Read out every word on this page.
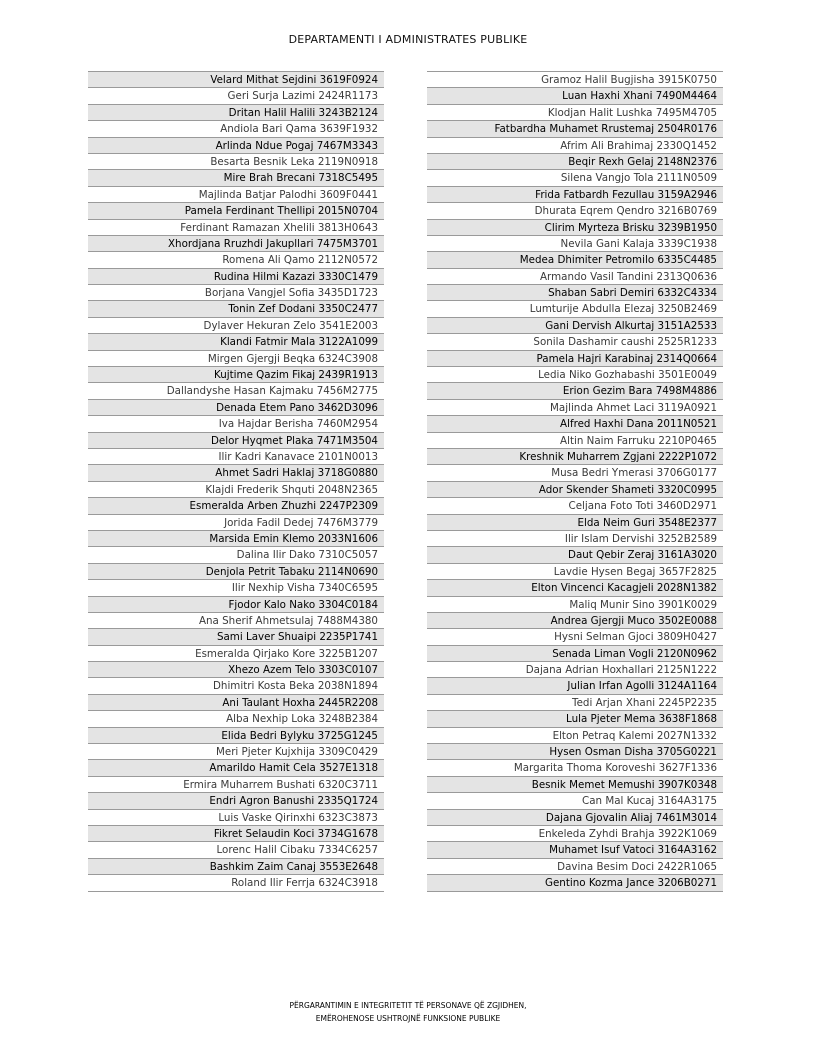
DEPARTAMENTI I ADMINISTRATES PUBLIKE
Velard Mithat Sejdini 3619F0924
Geri Surja Lazimi 2424R1173
Dritan Halil Halili 3243B2124
Andiola Bari Qama 3639F1932
Arlinda Ndue Pogaj 7467M3343
Besarta Besnik Leka 2119N0918
Mire Brah Brecani 7318C5495
Majlinda Batjar Palodhi 3609F0441
Pamela Ferdinant Thellipi 2015N0704
Ferdinant Ramazan Xhelili 3813H0643
Xhordjana Rruzhdi Jakupllari 7475M3701
Romena Ali Qamo 2112N0572
Rudina Hilmi Kazazi 3330C1479
Borjana Vangjel Sofia 3435D1723
Tonin Zef Dodani 3350C2477
Dylaver Hekuran Zelo 3541E2003
Klandi Fatmir Mala 3122A1099
Mirgen Gjergji Beqka 6324C3908
Kujtime Qazim Fikaj 2439R1913
Dallandyshe Hasan Kajmaku 7456M2775
Denada Etem Pano 3462D3096
Iva Hajdar Berisha 7460M2954
Delor Hyqmet Plaka 7471M3504
Ilir Kadri Kanavace 2101N0013
Ahmet Sadri Haklaj 3718G0880
Klajdi Frederik Shquti 2048N2365
Esmeralda Arben Zhuzhi 2247P2309
Jorida Fadil Dedej 7476M3779
Marsida Emin Klemo 2033N1606
Dalina Ilir Dako 7310C5057
Denjola Petrit Tabaku 2114N0690
Ilir Nexhip Visha 7340C6595
Fjodor Kalo Nako 3304C0184
Ana Sherif Ahmetsulaj 7488M4380
Sami Laver Shuaipi 2235P1741
Esmeralda Qirjako Kore 3225B1207
Xhezo Azem Telo 3303C0107
Dhimitri Kosta Beka 2038N1894
Ani Taulant Hoxha 2445R2208
Alba Nexhip Loka 3248B2384
Elida Bedri Bylyku 3725G1245
Meri Pjeter Kujxhija 3309C0429
Amarildo Hamit Cela 3527E1318
Ermira Muharrem Bushati 6320C3711
Endri Agron Banushi 2335Q1724
Luis Vaske Qirinxhi 6323C3873
Fikret Selaudin Koci 3734G1678
Lorenc Halil Cibaku 7334C6257
Bashkim Zaim Canaj 3553E2648
Roland Ilir Ferrja 6324C3918
Gramoz Halil Bugjisha 3915K0750
Luan Haxhi Xhani 7490M4464
Klodjan Halit Lushka 7495M4705
Fatbardha Muhamet Rrustemaj 2504R0176
Afrim Ali Brahimaj 2330Q1452
Beqir Rexh Gelaj 2148N2376
Silena Vangjo Tola 2111N0509
Frida Fatbardh Fezullau 3159A2946
Dhurata Eqrem Qendro 3216B0769
Clirim Myrteza Brisku 3239B1950
Nevila Gani Kalaja 3339C1938
Medea Dhimiter Petromilo 6335C4485
Armando Vasil Tandini 2313Q0636
Shaban Sabri Demiri 6332C4334
Lumturije Abdulla Elezaj 3250B2469
Gani Dervish Alkurtaj 3151A2533
Sonila Dashamir caushi 2525R1233
Pamela Hajri Karabinaj 2314Q0664
Ledia Niko Gozhabashi 3501E0049
Erion Gezim Bara 7498M4886
Majlinda Ahmet Laci 3119A0921
Alfred Haxhi Dana 2011N0521
Altin Naim Farruku 2210P0465
Kreshnik Muharrem Zgjani 2222P1072
Musa Bedri Ymerasi 3706G0177
Ador Skender Shameti 3320C0995
Celjana Foto Toti 3460D2971
Elda Neim Guri 3548E2377
Ilir Islam Dervishi 3252B2589
Daut Qebir Zeraj 3161A3020
Lavdie Hysen Begaj 3657F2825
Elton Vincenci Kacagjeli 2028N1382
Maliq Munir Sino 3901K0029
Andrea Gjergji Muco 3502E0088
Hysni Selman Gjoci 3809H0427
Senada Liman Vogli 2120N0962
Dajana Adrian Hoxhallari 2125N1222
Julian Irfan Agolli 3124A1164
Tedi Arjan Xhani 2245P2235
Lula Pjeter Mema 3638F1868
Elton Petraq Kalemi 2027N1332
Hysen Osman Disha 3705G0221
Margarita Thoma Koroveshi 3627F1336
Besnik Memet Memushi 3907K0348
Can Mal Kucaj 3164A3175
Dajana Gjovalin Aliaj 7461M3014
Enkeleda Zyhdi Brahja 3922K1069
Muhamet Isuf Vatoci 3164A3162
Davina Besim Doci 2422R1065
Gentino Kozma Jance 3206B0271
PËRGARANTIMIN E INTEGRITETIT TË PERSONAVE QË ZGJIDHEN,
EMËROHENOSE USHTROJNË FUNKSIONE PUBLIKE
